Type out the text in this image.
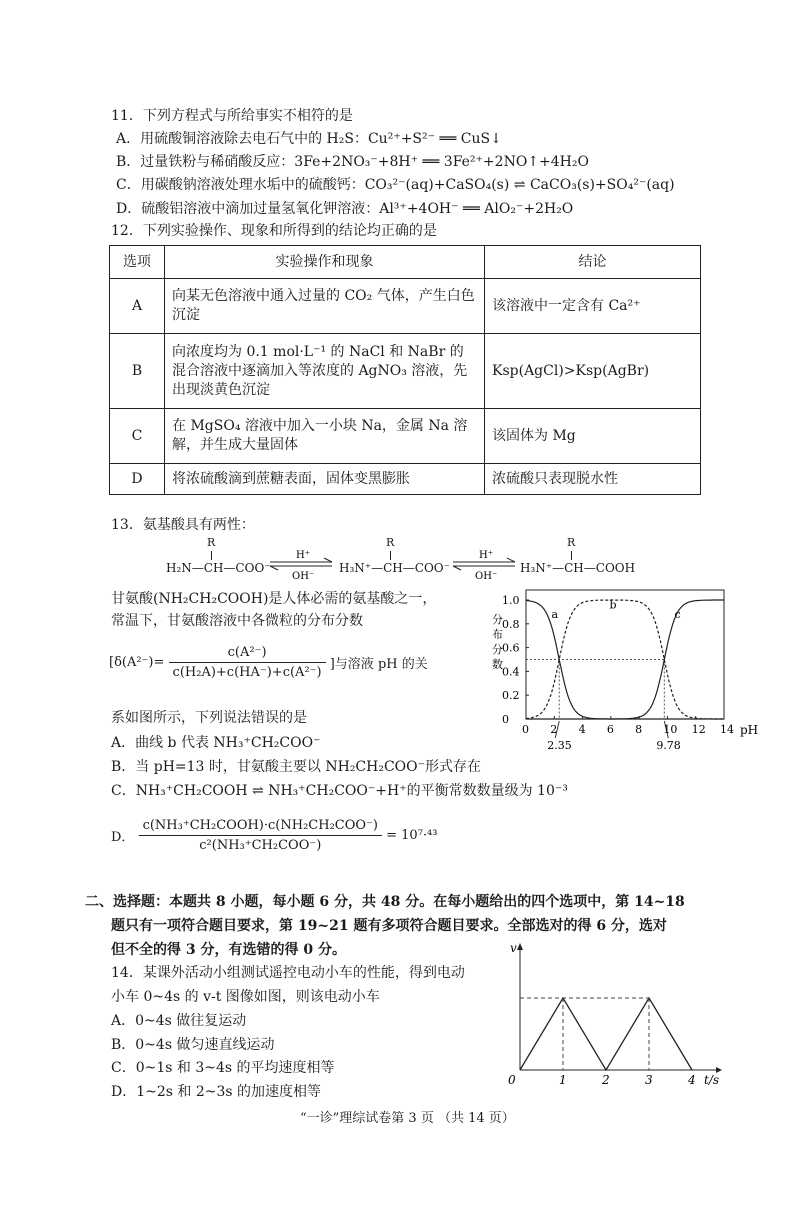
11．下列方程式与所给事实不相符的是
A．用硫酸铜溶液除去电石气中的 H₂S：Cu²⁺+S²⁻ ══ CuS↓
B．过量铁粉与稀硝酸反应：3Fe+2NO₃⁻+8H⁺ ══ 3Fe²⁺+2NO↑+4H₂O
C．用碳酸钠溶液处理水垢中的硫酸钙：CO₃²⁻(aq)+CaSO₄(s) ⇌ CaCO₃(s)+SO₄²⁻(aq)
D．硫酸铝溶液中滴加过量氢氧化钾溶液：Al³⁺+4OH⁻ ══ AlO₂⁻+2H₂O
12．下列实验操作、现象和所得到的结论均正确的是
选项	实验操作和现象	结论
A	向某无色溶液中通入过量的 CO₂ 气体，产生白色沉淀	该溶液中一定含有 Ca²⁺
B	向浓度均为 0.1 mol·L⁻¹ 的 NaCl 和 NaBr 的混合溶液中逐滴加入等浓度的 AgNO₃ 溶液，先出现淡黄色沉淀	Ksp(AgCl)>Ksp(AgBr)
C	在 MgSO₄ 溶液中加入一小块 Na，金属 Na 溶解，并生成大量固体	该固体为 Mg
D	将浓硫酸滴到蔗糖表面，固体变黑膨胀	浓硫酸只表现脱水性
13．氨基酸具有两性：
R	R	R
H₂N—CH—COO⁻	H₃N⁺—CH—COO⁻	H₃N⁺—CH—COOH
H⁺
OH⁻
H⁺
OH⁻
甘氨酸(NH₂CH₂COOH)是人体必需的氨基酸之一，
常温下，甘氨酸溶液中各微粒的分布分数
[$\delta(A^{2-})= \frac{\text{c(A²⁻)}}{\text{c(H₂A)+c(HA⁻)+c(A²⁻)}}$ ]与溶液 pH 的关
系如图所示，下列说法错误的是
A．曲线 b 代表 NH₃⁺CH₂COO⁻
B．当 pH=13 时，甘氨酸主要以 NH₂CH₂COO⁻形式存在
C．NH₃⁺CH₂COOH ⇌ NH₃⁺CH₂COO⁻+H⁺的平衡常数数量级为 10⁻³
D． $\frac{\text{c(NH₃⁺CH₂COOH)·c(NH₂CH₂COO⁻)}}{\text{c²(NH₃⁺CH₂COO⁻)}} = 10^7\cdot^{43}$
2.35	9.78
0 2 4 6 8 10 12 14
0
0.2
0.4
0.6
0.8
1.0
a
b
c
分
布
分
数
pH
二、选择题：本题共 8 小题，每小题 6 分，共 48 分。在每小题给出的四个选项中，第 14~18
题只有一项符合题目要求，第 19~21 题有多项符合题目要求。全部选对的得 6 分，选对
但不全的得 3 分，有选错的得 0 分。
14．某课外活动小组测试遥控电动小车的性能，得到电动
小车 0~4s 的 v-t 图像如图，则该电动小车
A．0~4s 做往复运动
B．0~4s 做匀速直线运动
C．0~1s 和 3~4s 的平均速度相等
D．1~2s 和 2~3s 的加速度相等
v
t/s
0	1	2	3	4
“一诊”理综试卷第 3 页 （共 14 页）
